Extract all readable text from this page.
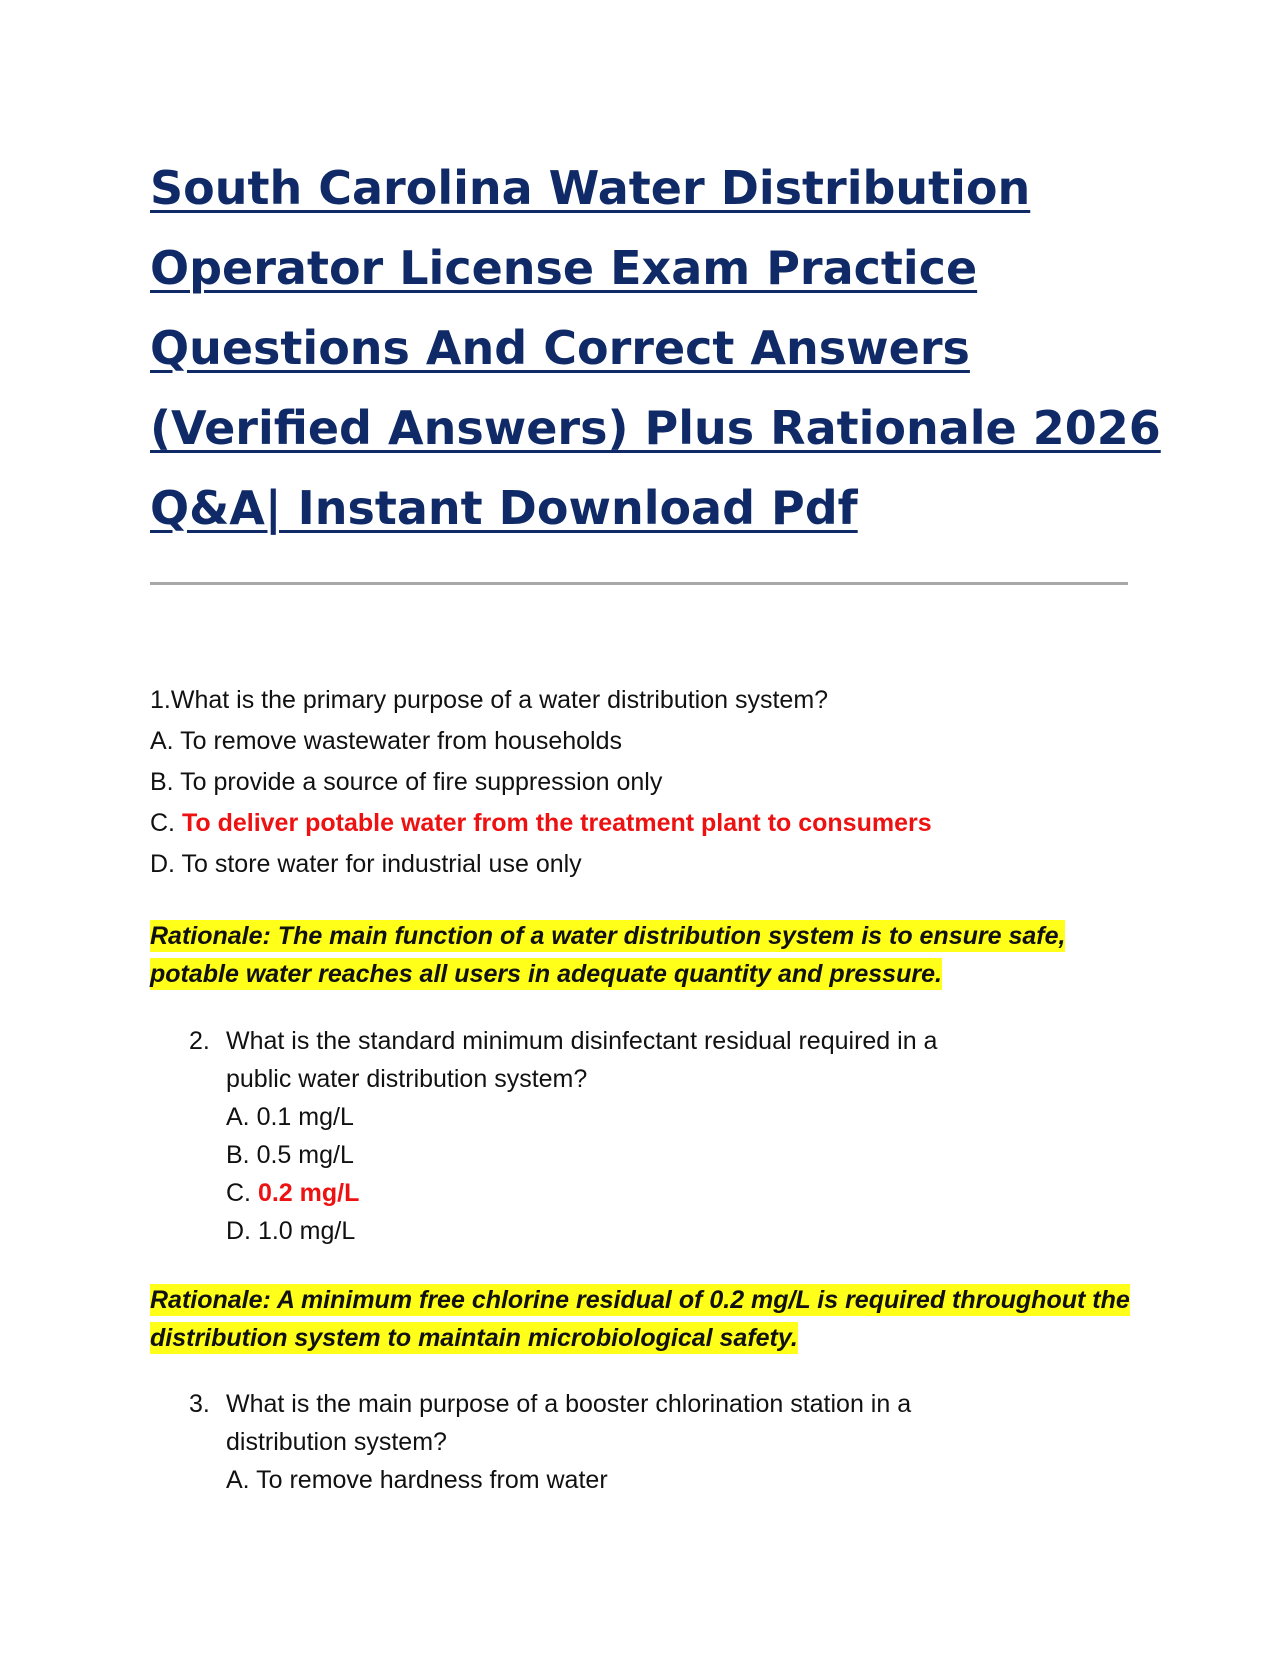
South Carolina Water Distribution
Operator License Exam Practice
Questions And Correct Answers
(Verified Answers) Plus Rationale 2026
Q&A| Instant Download Pdf
1.What is the primary purpose of a water distribution system?
A. To remove wastewater from households
B. To provide a source of fire suppression only
C. To deliver potable water from the treatment plant to consumers
D. To store water for industrial use only
Rationale: The main function of a water distribution system is to ensure safe, potable water reaches all users in adequate quantity and pressure.
2. What is the standard minimum disinfectant residual required in a
public water distribution system?
A. 0.1 mg/L
B. 0.5 mg/L
C. 0.2 mg/L
D. 1.0 mg/L
Rationale: A minimum free chlorine residual of 0.2 mg/L is required throughout the distribution system to maintain microbiological safety.
3. What is the main purpose of a booster chlorination station in a
distribution system?
A. To remove hardness from water
